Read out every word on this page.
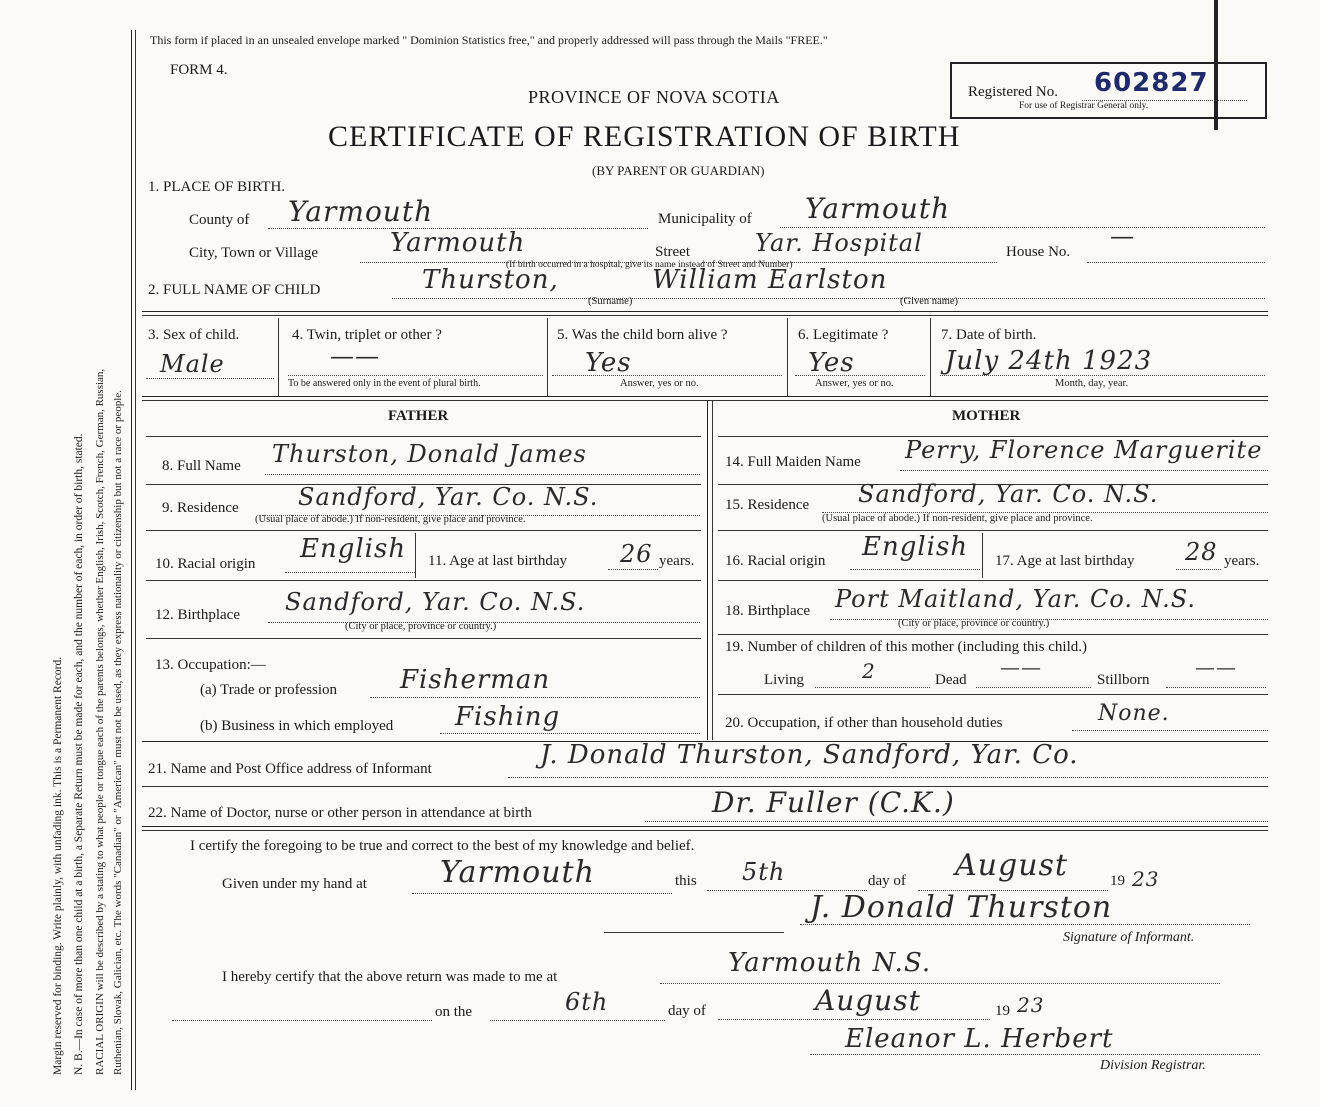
Margin reserved for binding. Write plainly, with unfading ink. This is a Permanent Record. N. B.—In case of more than one child at a birth, a Separate Return must be made for each, and the number of each, in order of birth, stated. RACIAL ORIGIN will be described by a stating to what people or tongue each of the parents belongs, whether English, Irish, Scotch, French, German, Russian, Ruthenian, Slovak, Galician, etc. The words "Canadian" or "American" must not be used, as they express nationality or citizenship but not a race or people.
This form if placed in an unsealed envelope marked " Dominion Statistics free," and properly addressed will pass through the Mails "FREE."
FORM 4.
PROVINCE OF NOVA SCOTIA
CERTIFICATE OF REGISTRATION OF BIRTH
(BY PARENT OR GUARDIAN)
Registered No. 602827
For use of Registrar General only.
1. PLACE OF BIRTH.
County of Yarmouth	Municipality of Yarmouth
City, Town or Village	Yarmouth	Street	Yar. Hospital	House No.
—
(If birth occurred in a hospital, give its name instead of Street and Number)
2. FULL NAME OF CHILD	Thurston,	William Earlston
(Surname)	(Given name)
3. Sex of child.
Male
4. Twin, triplet or other ?
——
To be answered only in the event of plural birth.
5. Was the child born alive ?
Yes
Answer, yes or no.
6. Legitimate ?
Yes
Answer, yes or no.
7. Date of birth.
July 24th 1923
Month, day, year.
FATHER	MOTHER
8. Full Name Thurston, Donald James
9. Residence Sandford, Yar. Co. N.S.
(Usual place of abode.) If non-resident, give place and province.
10. Racial origin English 11. Age at last birthday 26 years.
12. Birthplace Sandford, Yar. Co. N.S.
(City or place, province or country.)
13. Occupation:—
(a) Trade or profession Fisherman
(b) Business in which employed Fishing
14. Full Maiden Name Perry, Florence Marguerite
15. Residence Sandford, Yar. Co. N.S.
(Usual place of abode.) If non-resident, give place and province.
16. Racial origin English 17. Age at last birthday 28 years.
18. Birthplace Port Maitland, Yar. Co. N.S.
(City or place, province or country.)
19. Number of children of this mother (including this child.)
Living	2	Dead
——
Stillborn
——
20. Occupation, if other than household duties	None.
21. Name and Post Office address of Informant	J. Donald Thurston, Sandford, Yar. Co.
22. Name of Doctor, nurse or other person in attendance at birth	Dr. Fuller (C.K.)
I certify the foregoing to be true and correct to the best of my knowledge and belief.
Given under my hand at Yarmouth	this 5th	day of August	19 23
J. Donald Thurston
Signature of Informant.
I hereby certify that the above return was made to me at	Yarmouth N.S.
on the	6th	day of	August	19 23
Eleanor L. Herbert
Division Registrar.
